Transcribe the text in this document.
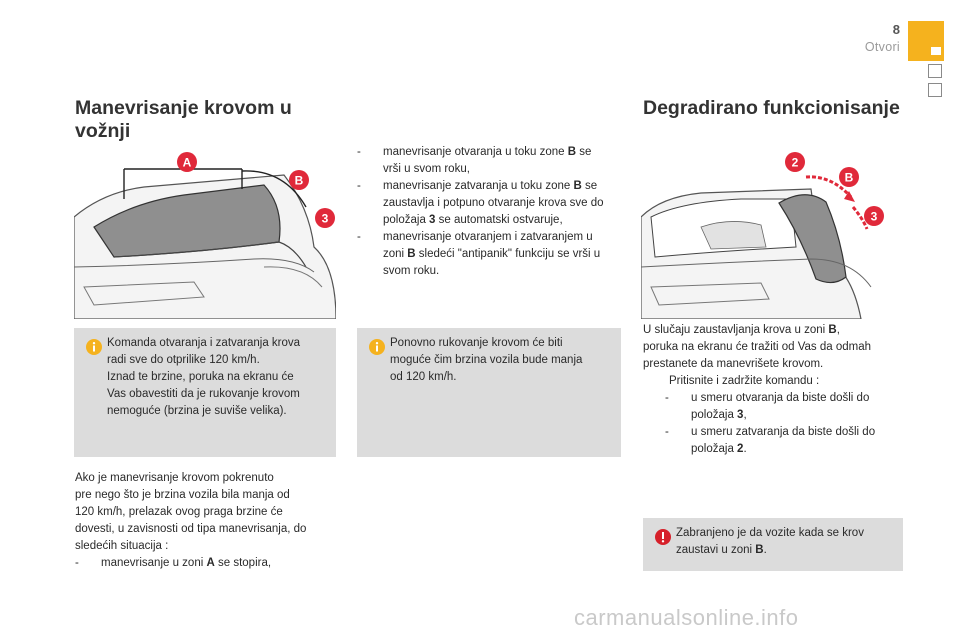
8
Otvori
Manevrisanje krovom u vožnji
Degradirano funkcionisanje
A
B
3
2
B
3
- manevrisanje otvaranja u toku zone B se
vrši u svom roku,
- manevrisanje zatvaranja u toku zone B se
zaustavlja i potpuno otvaranje krova sve do
položaja 3 se automatski ostvaruje,
- manevrisanje otvaranjem i zatvaranjem u
zoni B sledeći "antipanik" funkciju se vrši u
svom roku.
Komanda otvaranja i zatvaranja krova
radi sve do otprilike 120 km/h.
Iznad te brzine, poruka na ekranu će
Vas obavestiti da je rukovanje krovom
nemoguće (brzina je suviše velika).
Ponovno rukovanje krovom će biti
moguće čim brzina vozila bude manja
od 120 km/h.
Ako je manevrisanje krovom pokrenuto
pre nego što je brzina vozila bila manja od
120 km/h, prelazak ovog praga brzine će
dovesti, u zavisnosti od tipa manevrisanja, do
sledećih situacija :
- manevrisanje u zoni A se stopira,
U slučaju zaustavljanja krova u zoni B,
poruka na ekranu će tražiti od Vas da odmah
prestanete da manevrišete krovom.
Pritisnite i zadržite komandu :
- u smeru otvaranja da biste došli do
položaja 3,
- u smeru zatvaranja da biste došli do
položaja 2.
Zabranjeno je da vozite kada se krov
zaustavi u zoni B.
carmanualsonline.info
